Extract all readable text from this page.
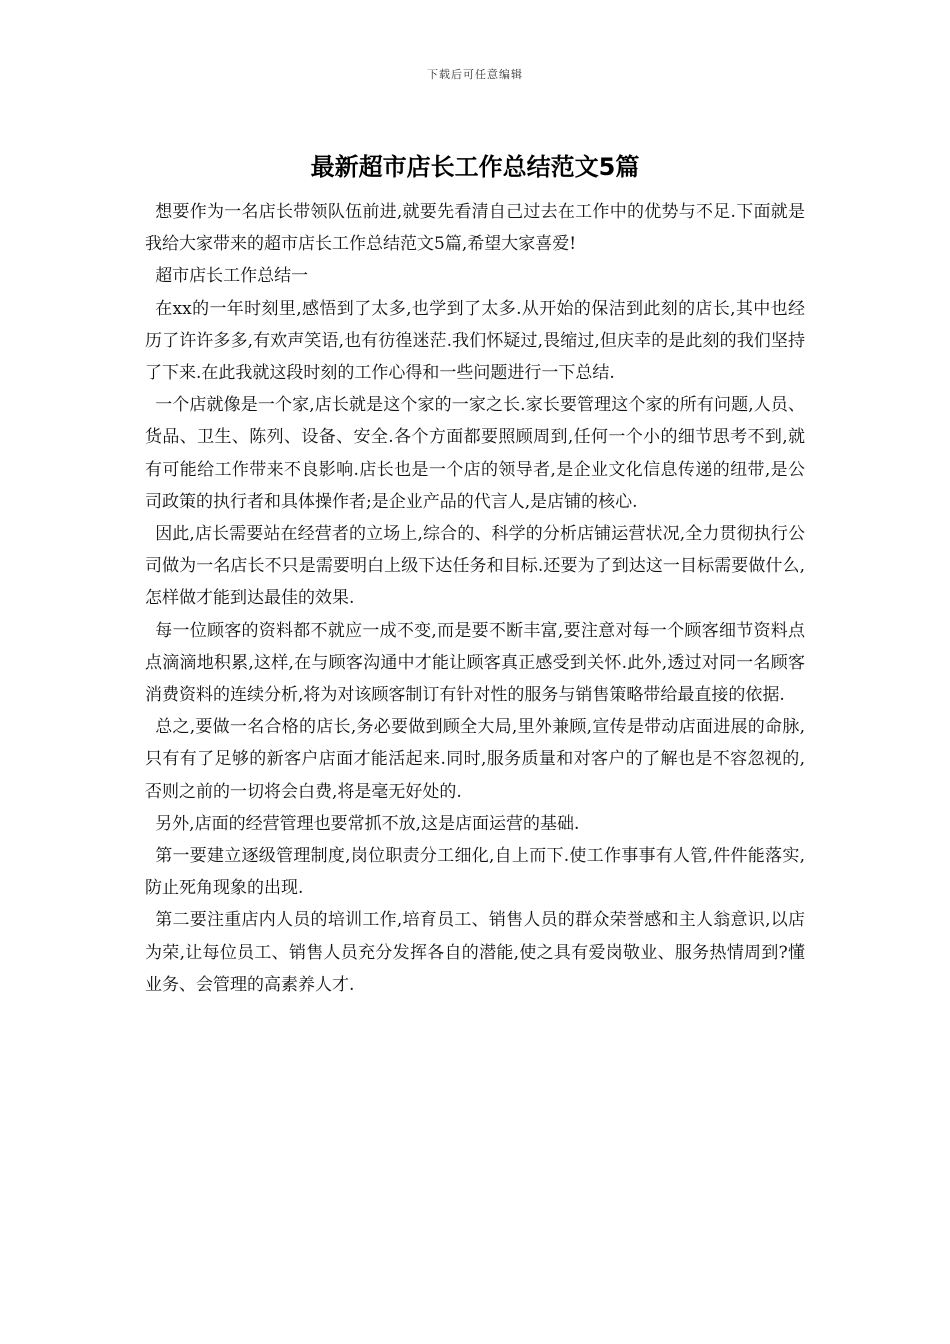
下载后可任意编辑
最新超市店长工作总结范文5篇

想要作为一名店长带领队伍前进,就要先看清自己过去在工作中的优势与不足.下面就是我给大家带来的超市店长工作总结范文5篇,希望大家喜爱!

超市店长工作总结一

在xx的一年时刻里,感悟到了太多,也学到了太多.从开始的保洁到此刻的店长,其中也经历了许许多多,有欢声笑语,也有彷徨迷茫.我们怀疑过,畏缩过,但庆幸的是此刻的我们坚持了下来.在此我就这段时刻的工作心得和一些问题进行一下总结.

一个店就像是一个家,店长就是这个家的一家之长.家长要管理这个家的所有问题,人员、货品、卫生、陈列、设备、安全.各个方面都要照顾周到,任何一个小的细节思考不到,就有可能给工作带来不良影响.店长也是一个店的领导者,是企业文化信息传递的纽带,是公司政策的执行者和具体操作者;是企业产品的代言人,是店铺的核心.

因此,店长需要站在经营者的立场上,综合的、科学的分析店铺运营状况,全力贯彻执行公司做为一名店长不只是需要明白上级下达任务和目标.还要为了到达这一目标需要做什么,怎样做才能到达最佳的效果.

每一位顾客的资料都不就应一成不变,而是要不断丰富,要注意对每一个顾客细节资料点点滴滴地积累,这样,在与顾客沟通中才能让顾客真正感受到关怀.此外,透过对同一名顾客消费资料的连续分析,将为对该顾客制订有针对性的服务与销售策略带给最直接的依据.

总之,要做一名合格的店长,务必要做到顾全大局,里外兼顾,宣传是带动店面进展的命脉,只有有了足够的新客户店面才能活起来.同时,服务质量和对客户的了解也是不容忽视的,否则之前的一切将会白费,将是毫无好处的.

另外,店面的经营管理也要常抓不放,这是店面运营的基础.

第一要建立逐级管理制度,岗位职责分工细化,自上而下.使工作事事有人管,件件能落实,防止死角现象的出现.

第二要注重店内人员的培训工作,培育员工、销售人员的群众荣誉感和主人翁意识,以店为荣,让每位员工、销售人员充分发挥各自的潜能,使之具有爱岗敬业、服务热情周到?懂业务、会管理的高素养人才.
